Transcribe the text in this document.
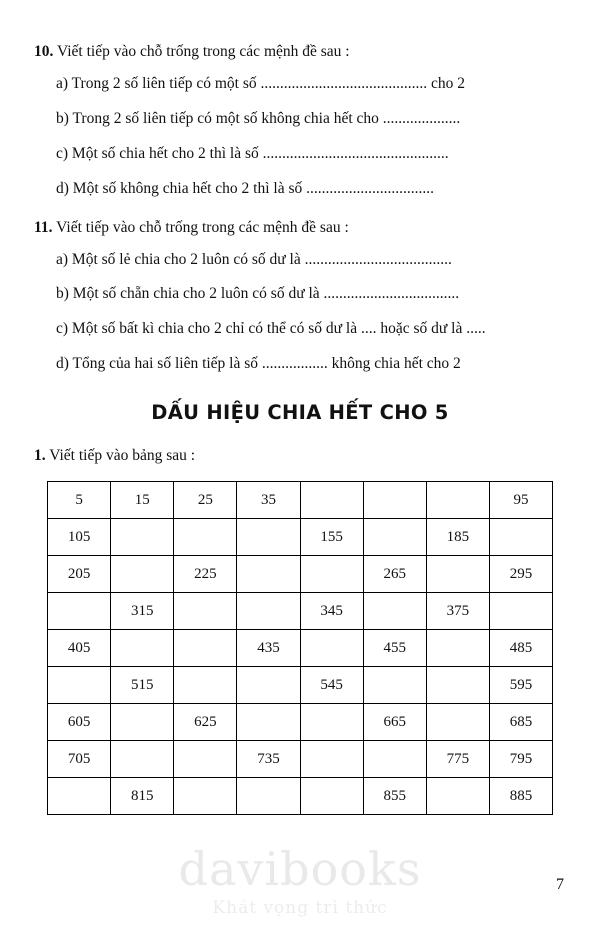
10. Viết tiếp vào chỗ trống trong các mệnh đề sau :

a) Trong 2 số liên tiếp có một số ........................................... cho 2

b) Trong 2 số liên tiếp có một số không chia hết cho ....................

c) Một số chia hết cho 2 thì là số ................................................

d) Một số không chia hết cho 2 thì là số .................................

11. Viết tiếp vào chỗ trống trong các mệnh đề sau :

a) Một số lẻ chia cho 2 luôn có số dư là ......................................

b) Một số chẵn chia cho 2 luôn có số dư là ...................................

c) Một số bất kì chia cho 2 chỉ có thể có số dư là .... hoặc số dư là .....

d) Tổng của hai số liên tiếp là số ................. không chia hết cho 2

DẤU HIỆU CHIA HẾT CHO 5

1. Viết tiếp vào bảng sau :

5	15	25	35				95
105				155		185	
205		225			265		295
	315			345		375	
405			435		455		485
	515			545			595
605		625			665		685
705			735			775	795
	815				855		885
davibooks
Khát vọng tri thức
7
